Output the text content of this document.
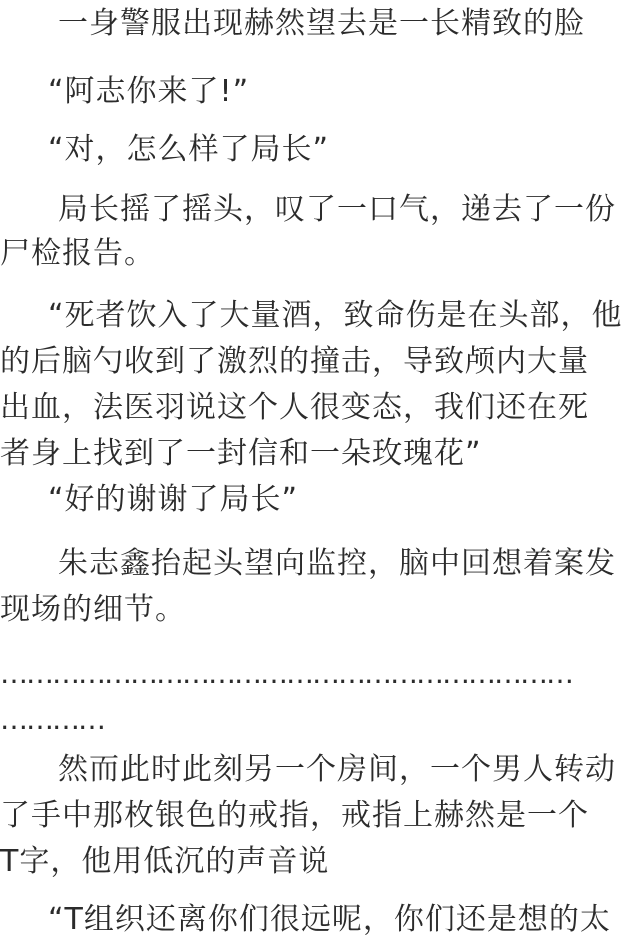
一身警服出现赫然望去是一长精致的脸
“阿志你来了!”
“对，怎么样了局长”
局长摇了摇头，叹了一口气，递去了一份
尸检报告。
“死者饮入了大量酒，致命伤是在头部，他
的后脑勺收到了激烈的撞击，导致颅内大量
出血，法医羽说这个人很变态，我们还在死
者身上找到了一封信和一朵玫瑰花”
“好的谢谢了局长”
朱志鑫抬起头望向监控，脑中回想着案发
现场的细节。
…………………………………………………………
…………
然而此时此刻另一个房间，一个男人转动
了手中那枚银色的戒指，戒指上赫然是一个
T字，他用低沉的声音说
“T组织还离你们很远呢，你们还是想的太
